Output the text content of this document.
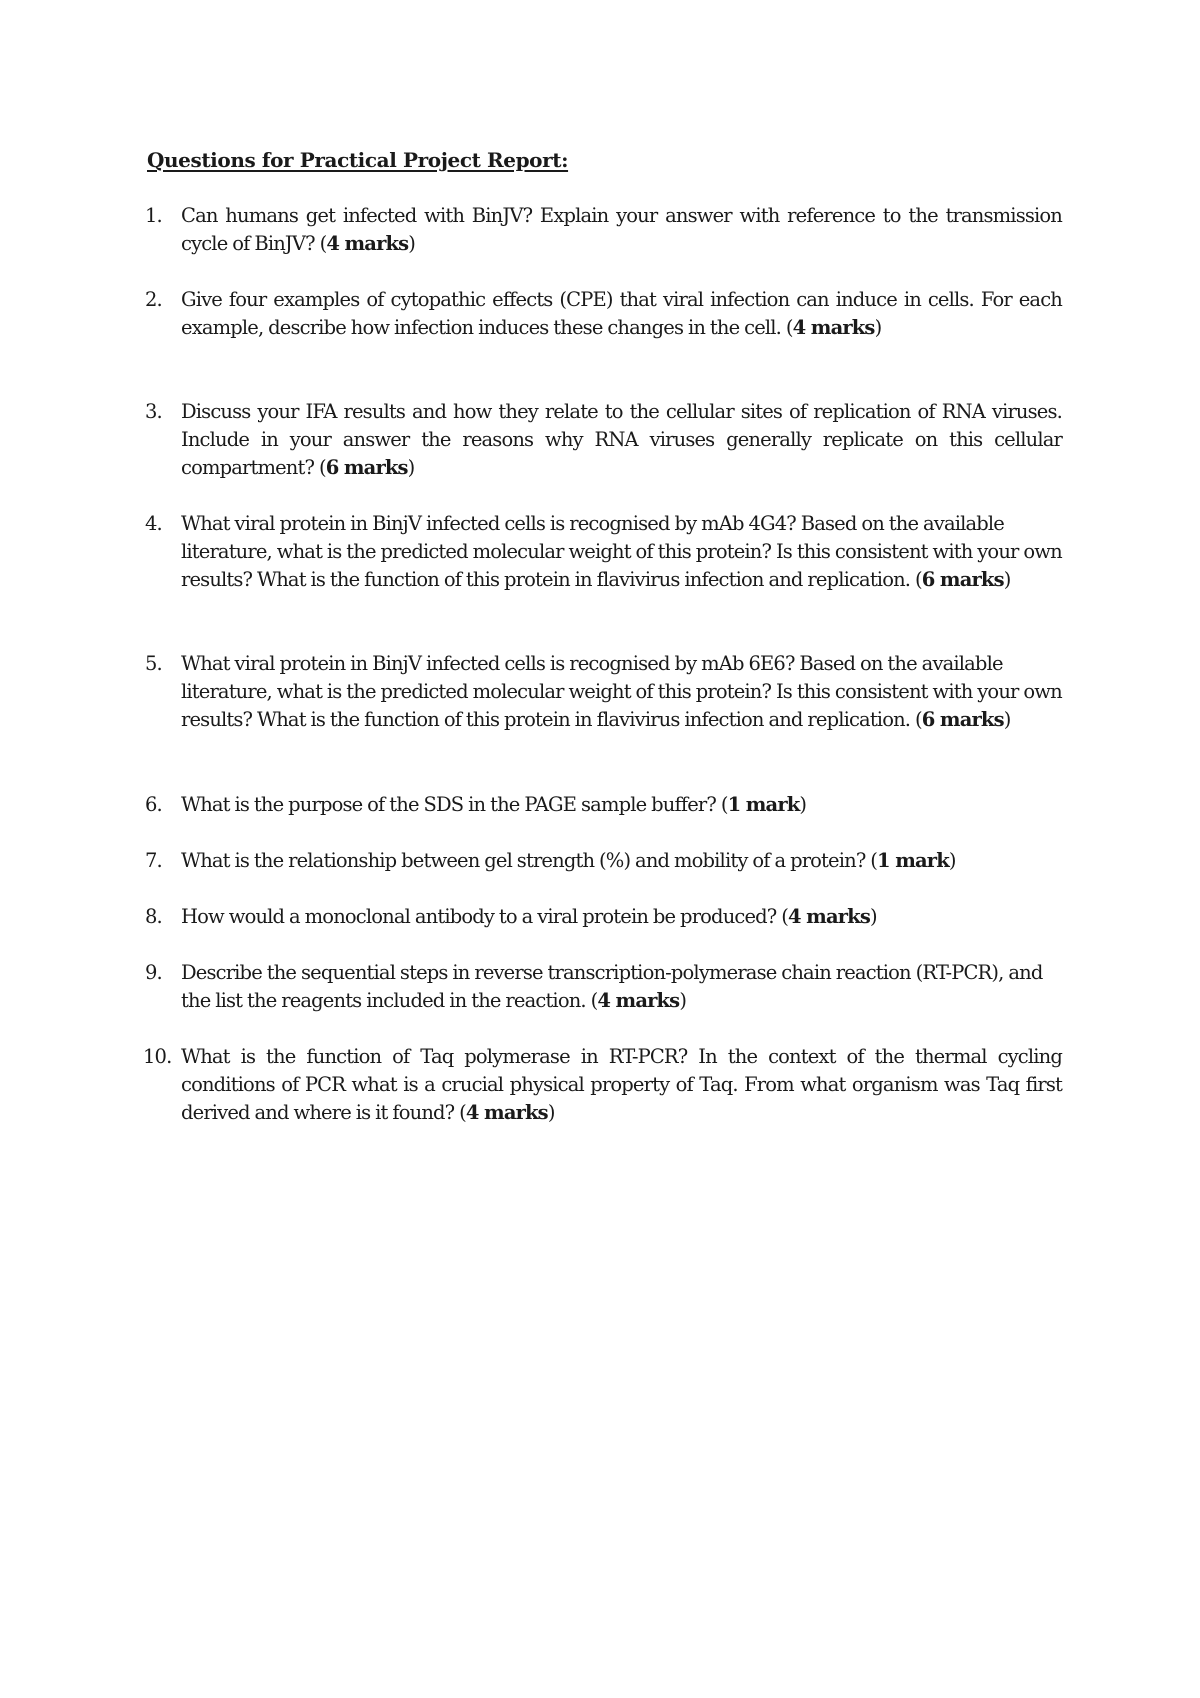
Questions for Practical Project Report:

1. Can humans get infected with BinJV? Explain your answer with reference to the transmission cycle of BinJV? (4 marks)

2. Give four examples of cytopathic effects (CPE) that viral infection can induce in cells. For each example, describe how infection induces these changes in the cell. (4 marks)

3. Discuss your IFA results and how they relate to the cellular sites of replication of RNA viruses. Include in your answer the reasons why RNA viruses generally replicate on this cellular compartment? (6 marks)

4. What viral protein in BinjV infected cells is recognised by mAb 4G4? Based on the available literature, what is the predicted molecular weight of this protein? Is this consistent with your own results? What is the function of this protein in flavivirus infection and replication. (6 marks)

5. What viral protein in BinjV infected cells is recognised by mAb 6E6? Based on the available literature, what is the predicted molecular weight of this protein? Is this consistent with your own results? What is the function of this protein in flavivirus infection and replication. (6 marks)

6. What is the purpose of the SDS in the PAGE sample buffer? (1 mark)

7. What is the relationship between gel strength (%) and mobility of a protein? (1 mark)

8. How would a monoclonal antibody to a viral protein be produced? (4 marks)

9. Describe the sequential steps in reverse transcription-polymerase chain reaction (RT-PCR), and the list the reagents included in the reaction. (4 marks)

10. What is the function of Taq polymerase in RT-PCR? In the context of the thermal cycling conditions of PCR what is a crucial physical property of Taq. From what organism was Taq first derived and where is it found? (4 marks)
